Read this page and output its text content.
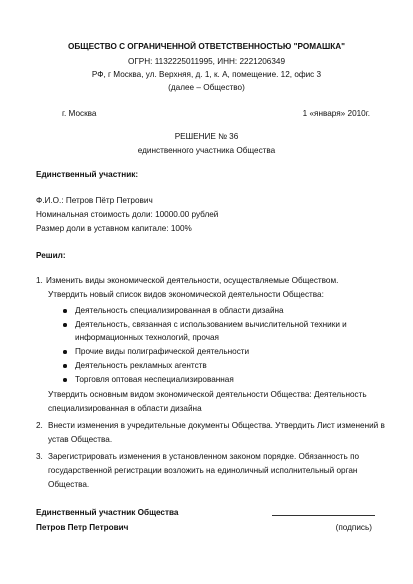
ОБЩЕСТВО С ОГРАНИЧЕННОЙ ОТВЕТСТВЕННОСТЬЮ "РОМАШКА"
ОГРН: 1132225011995, ИНН: 2221206349
РФ, г Москва, ул. Верхняя, д. 1, к. А, помещение. 12, офис 3
(далее – Общество)
г. Москва	1 «января» 2010г.
РЕШЕНИЕ № 36
единственного участника Общества
Единственный участник:
Ф.И.О.: Петров Пётр Петрович
Номинальная стоимость доли: 10000.00 рублей
Размер доли в уставном капитале: 100%
Решил:
1. Изменить виды экономической деятельности, осуществляемые Обществом.
Утвердить новый список видов экономической деятельности Общества:
Деятельность специализированная в области дизайна
Деятельность, связанная с использованием вычислительной техники и
информационных технологий, прочая
Прочие виды полиграфической деятельности
Деятельность рекламных агентств
Торговля оптовая неспециализированная
Утвердить основным видом экономической деятельности Общества: Деятельность
специализированная в области дизайна
2. Внести изменения в учредительные документы Общества. Утвердить Лист изменений в
устав Общества.
3. Зарегистрировать изменения в установленном законом порядке. Обязанность по
государственной регистрации возложить на единоличный исполнительный орган
Общества.
Единственный участник Общества
Петров Петр Петрович	(подпись)
